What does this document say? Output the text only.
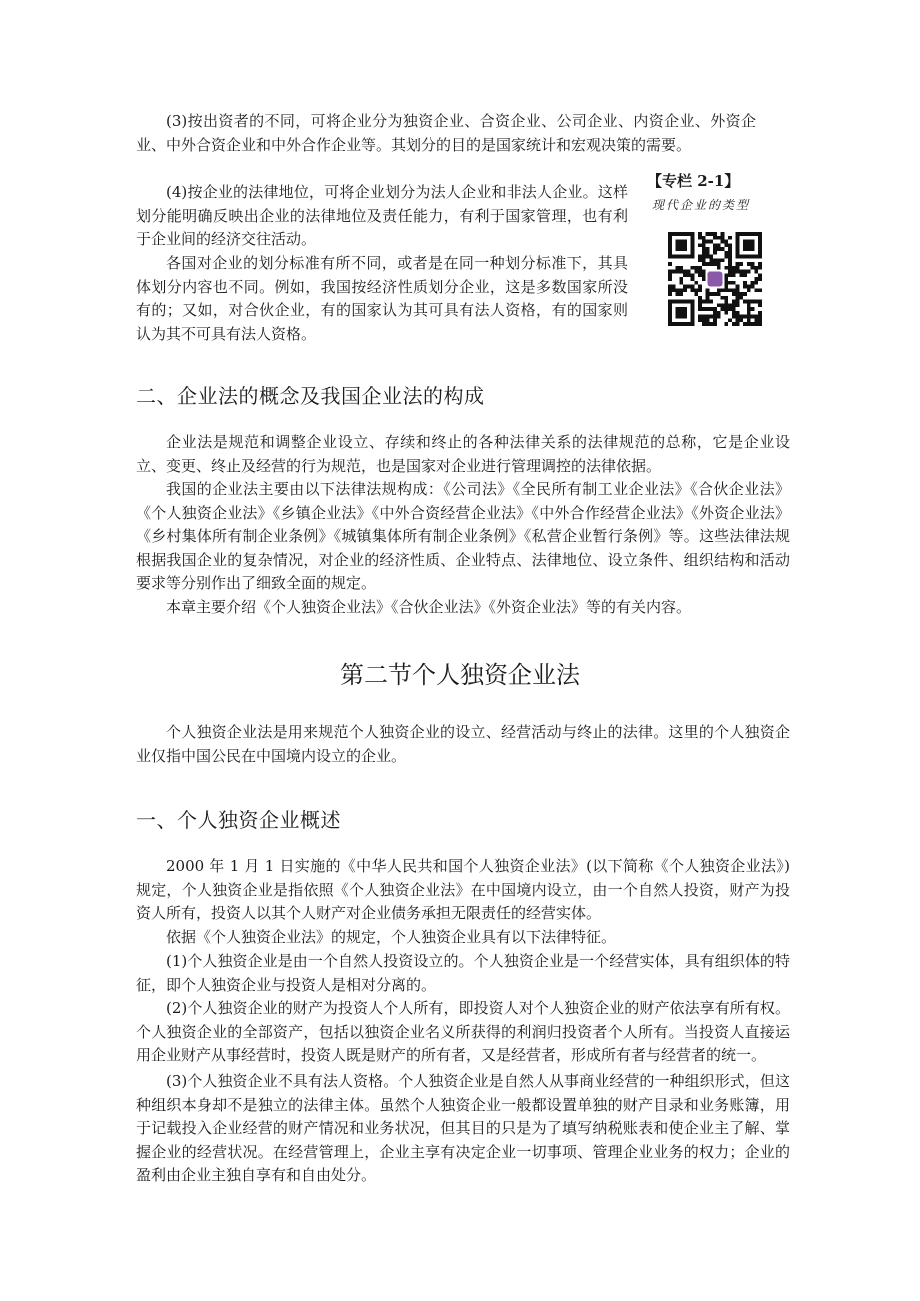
(3)按出资者的不同，可将企业分为独资企业、合资企业、公司企业、内资企业、外资企业、中外合资企业和中外合作企业等。其划分的目的是国家统计和宏观决策的需要。

(4)按企业的法律地位，可将企业划分为法人企业和非法人企业。这样划分能明确反映出企业的法律地位及责任能力，有利于国家管理，也有利于企业间的经济交往活动。

各国对企业的划分标准有所不同，或者是在同一种划分标准下，其具体划分内容也不同。例如，我国按经济性质划分企业，这是多数国家所没有的；又如，对合伙企业，有的国家认为其可具有法人资格，有的国家则认为其不可具有法人资格。

【专栏 2-1】
现代企业的类型
二、企业法的概念及我国企业法的构成

企业法是规范和调整企业设立、存续和终止的各种法律关系的法律规范的总称，它是企业设立、变更、终止及经营的行为规范，也是国家对企业进行管理调控的法律依据。

我国的企业法主要由以下法律法规构成：《公司法》《全民所有制工业企业法》《合伙企业法》《个人独资企业法》《乡镇企业法》《中外合资经营企业法》《中外合作经营企业法》《外资企业法》《乡村集体所有制企业条例》《城镇集体所有制企业条例》《私营企业暂行条例》等。这些法律法规根据我国企业的复杂情况，对企业的经济性质、企业特点、法律地位、设立条件、组织结构和活动要求等分别作出了细致全面的规定。

本章主要介绍《个人独资企业法》《合伙企业法》《外资企业法》等的有关内容。

第二节个人独资企业法

个人独资企业法是用来规范个人独资企业的设立、经营活动与终止的法律。这里的个人独资企业仅指中国公民在中国境内设立的企业。

一、个人独资企业概述

2000 年 1 月 1 日实施的《中华人民共和国个人独资企业法》(以下简称《个人独资企业法》)规定，个人独资企业是指依照《个人独资企业法》在中国境内设立，由一个自然人投资，财产为投资人所有，投资人以其个人财产对企业债务承担无限责任的经营实体。

依据《个人独资企业法》的规定，个人独资企业具有以下法律特征。

(1)个人独资企业是由一个自然人投资设立的。个人独资企业是一个经营实体，具有组织体的特征，即个人独资企业与投资人是相对分离的。

(2)个人独资企业的财产为投资人个人所有，即投资人对个人独资企业的财产依法享有所有权。个人独资企业的全部资产，包括以独资企业名义所获得的利润归投资者个人所有。当投资人直接运用企业财产从事经营时，投资人既是财产的所有者，又是经营者，形成所有者与经营者的统一。

(3)个人独资企业不具有法人资格。个人独资企业是自然人从事商业经营的一种组织形式，但这种组织本身却不是独立的法律主体。虽然个人独资企业一般都设置单独的财产目录和业务账簿，用于记载投入企业经营的财产情况和业务状况，但其目的只是为了填写纳税账表和使企业主了解、掌握企业的经营状况。在经营管理上，企业主享有决定企业一切事项、管理企业业务的权力；企业的盈利由企业主独自享有和自由处分。
